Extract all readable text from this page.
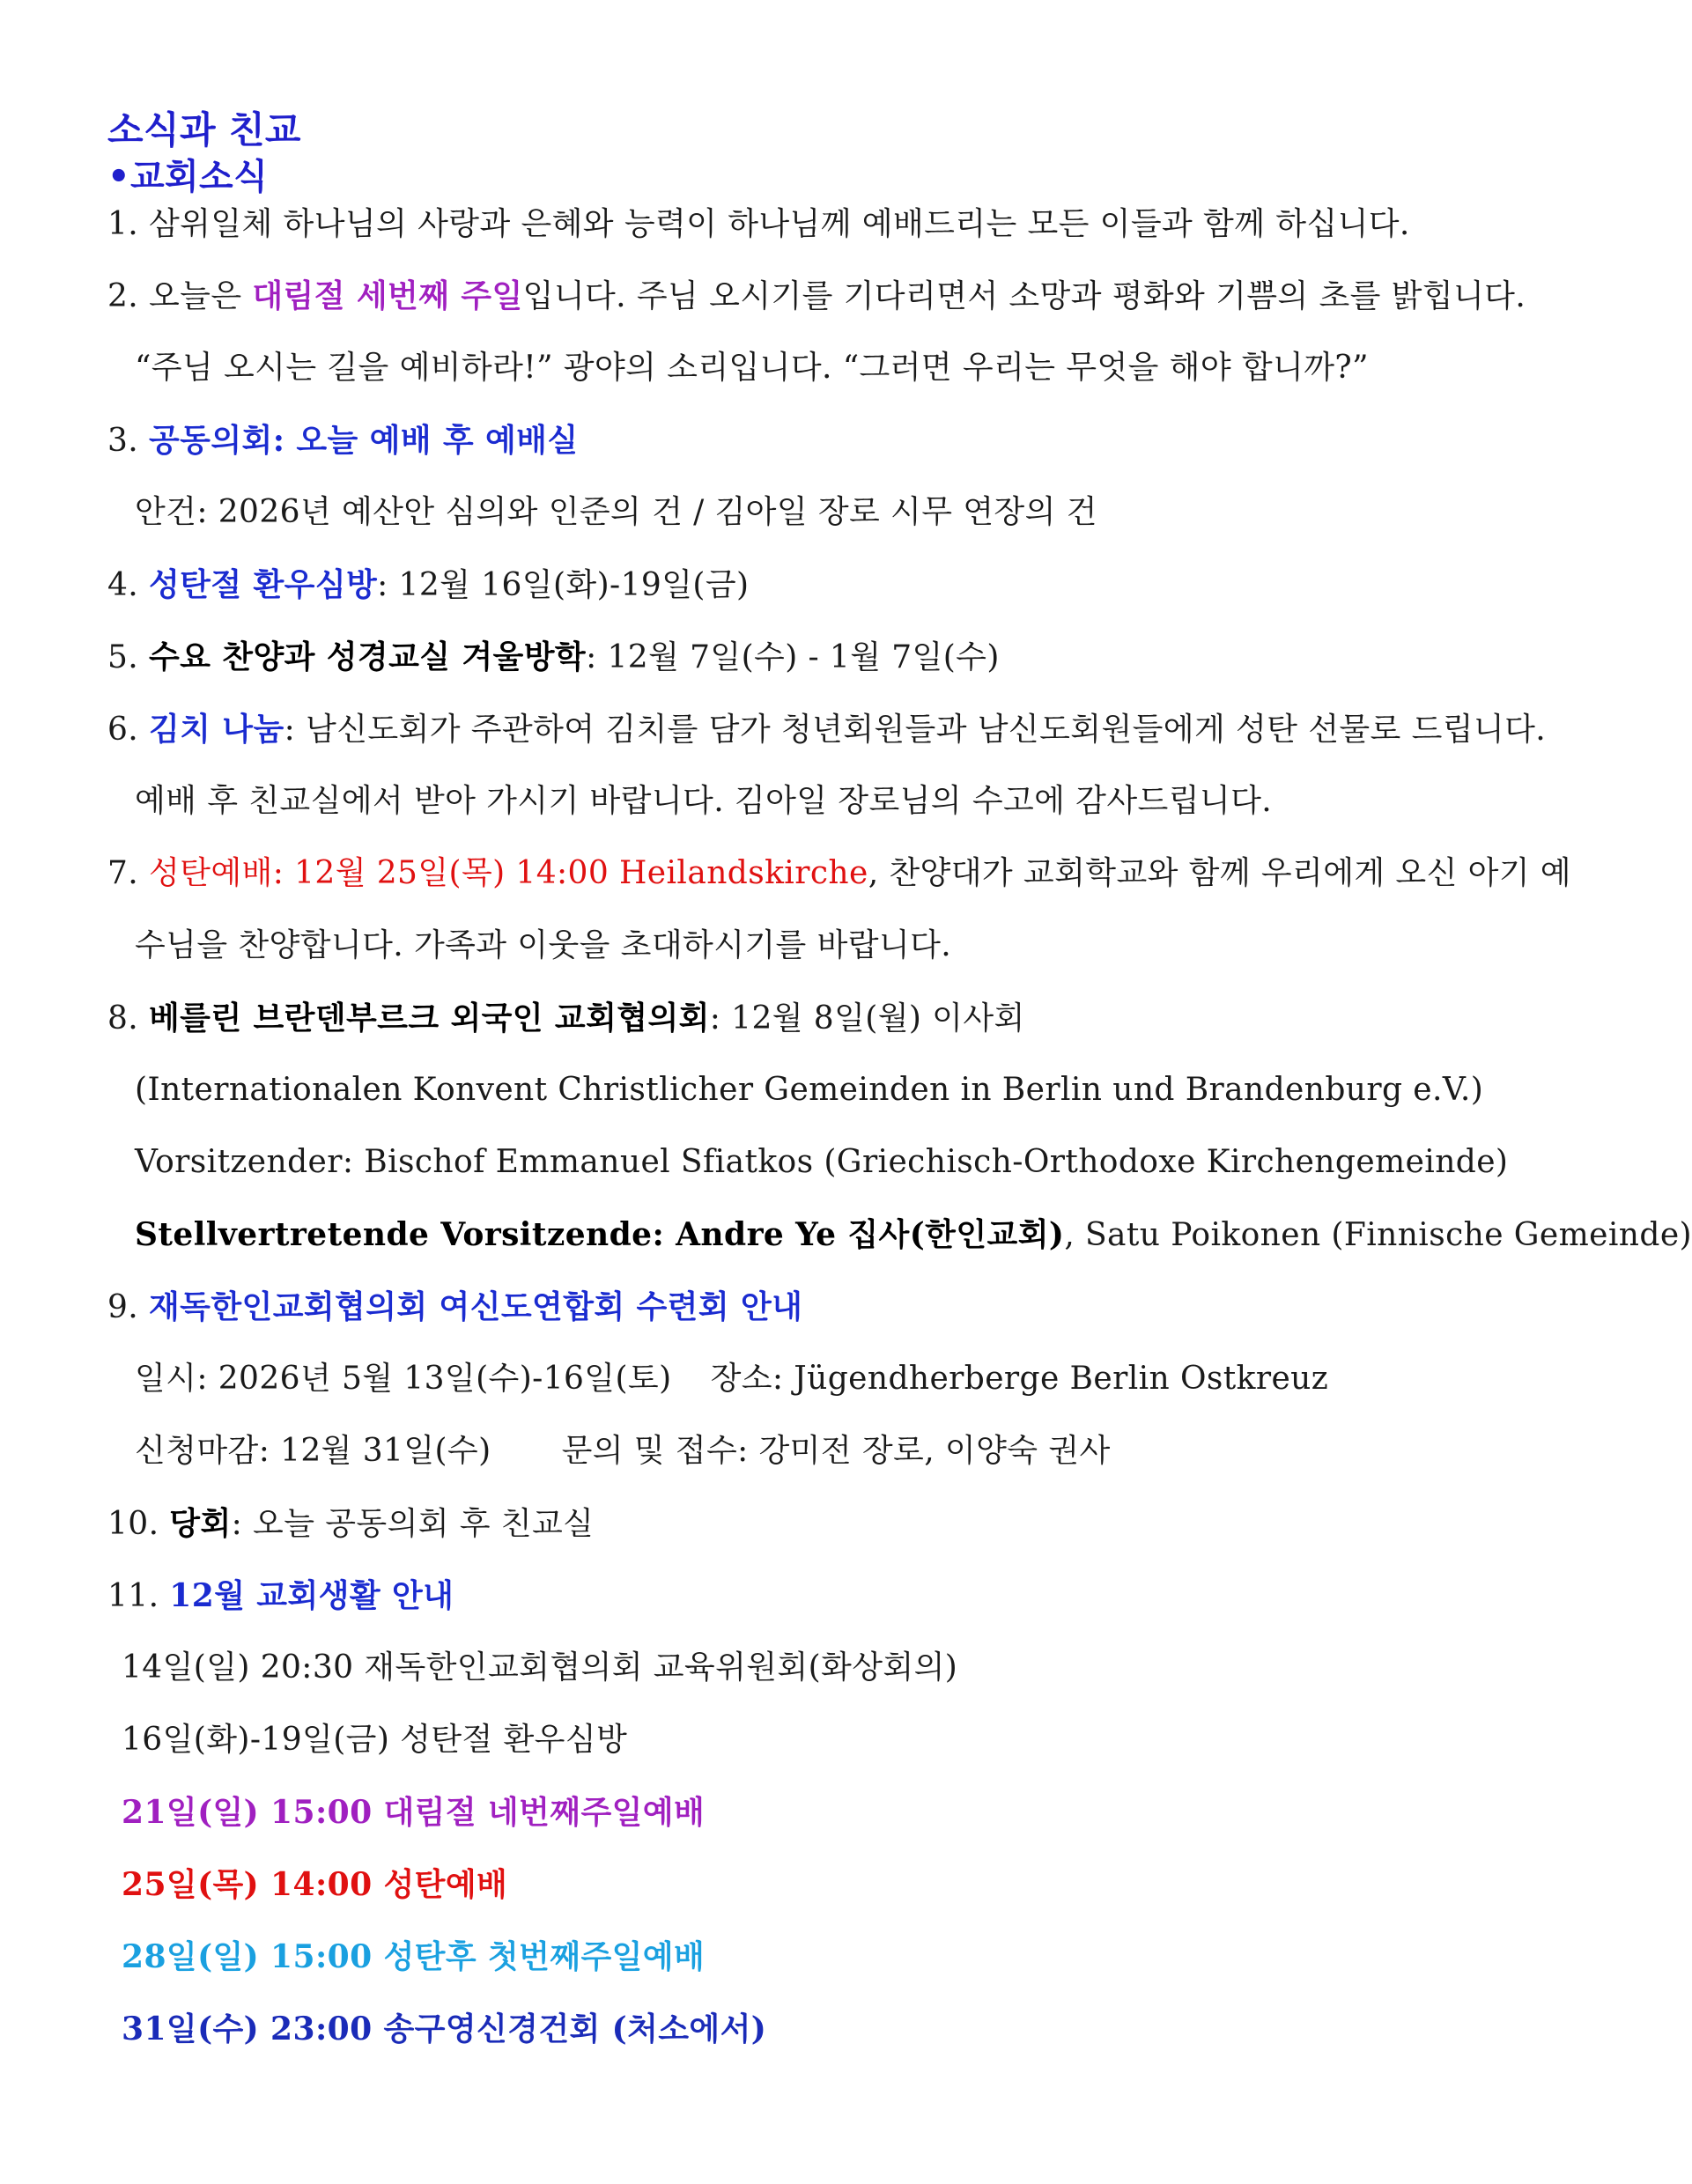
소식과 친교
•교회소식
1. 삼위일체 하나님의 사랑과 은혜와 능력이 하나님께 예배드리는 모든 이들과 함께 하십니다.
2. 오늘은 대림절 세번째 주일입니다. 주님 오시기를 기다리면서 소망과 평화와 기쁨의 초를 밝힙니다.
“주님 오시는 길을 예비하라!” 광야의 소리입니다. “그러면 우리는 무엇을 해야 합니까?”
3. 공동의회: 오늘 예배 후 예배실
안건: 2026년 예산안 심의와 인준의 건 / 김아일 장로 시무 연장의 건
4. 성탄절 환우심방: 12월 16일(화)-19일(금)
5. 수요 찬양과 성경교실 겨울방학: 12월 7일(수) - 1월 7일(수)
6. 김치 나눔: 남신도회가 주관하여 김치를 담가 청년회원들과 남신도회원들에게 성탄 선물로 드립니다.
예배 후 친교실에서 받아 가시기 바랍니다. 김아일 장로님의 수고에 감사드립니다.
7. 성탄예배: 12월 25일(목) 14:00 Heilandskirche, 찬양대가 교회학교와 함께 우리에게 오신 아기 예
수님을 찬양합니다. 가족과 이웃을 초대하시기를 바랍니다.
8. 베를린 브란덴부르크 외국인 교회협의회: 12월 8일(월) 이사회
(Internationalen Konvent Christlicher Gemeinden in Berlin und Brandenburg e.V.)
Vorsitzender: Bischof Emmanuel Sfiatkos (Griechisch-Orthodoxe Kirchengemeinde)
Stellvertretende Vorsitzende: Andre Ye 집사(한인교회), Satu Poikonen (Finnische Gemeinde)
9. 재독한인교회협의회 여신도연합회 수련회 안내
일시: 2026년 5월 13일(수)-16일(토) 장소: Jügendherberge Berlin Ostkreuz
신청마감: 12월 31일(수) 문의 및 접수: 강미전 장로, 이양숙 권사
10. 당회: 오늘 공동의회 후 친교실
11. 12월 교회생활 안내
14일(일) 20:30 재독한인교회협의회 교육위원회(화상회의)
16일(화)-19일(금) 성탄절 환우심방
21일(일) 15:00 대림절 네번째주일예배
25일(목) 14:00 성탄예배
28일(일) 15:00 성탄후 첫번째주일예배
31일(수) 23:00 송구영신경건회 (처소에서)
